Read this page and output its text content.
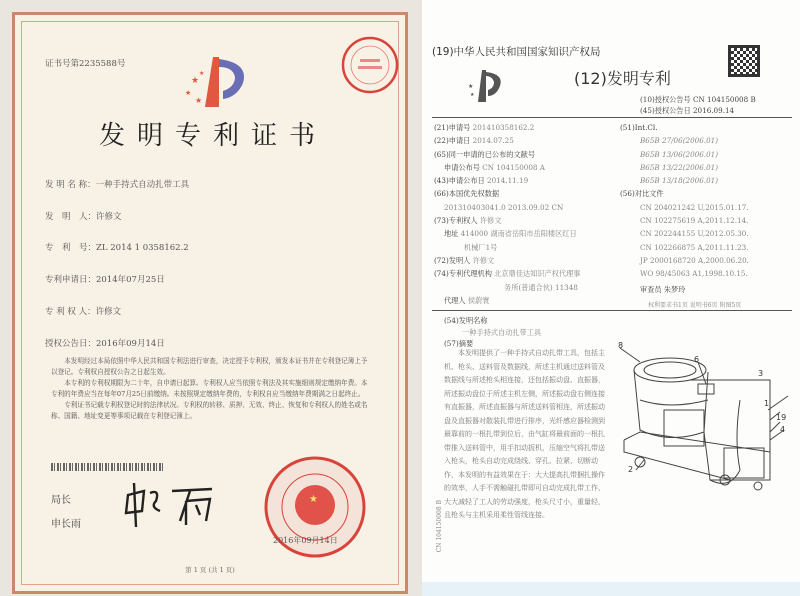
证书号第2235588号
★
★
★
★
发明专利证书
发 明 名 称：一种手持式自动扎带工具
发　明　人：许修文
专　利　号：ZL 2014 1 0358162.2
专利申请日：2014年07月25日
专 利 权 人：许修文
授权公告日：2016年09月14日

本发明经过本局依照中华人民共和国专利法进行审查，决定授予专利权，颁发本证书并在专利登记簿上予以登记。专利权自授权公告之日起生效。

本专利的专利权期限为二十年，自申请日起算。专利权人应当依照专利法及其实施细则规定缴纳年费。本专利的年费应当在每年07月25日前缴纳。未按照规定缴纳年费的，专利权自应当缴纳年费期满之日起终止。

专利证书记载专利权登记时的法律状况。专利权的转移、质押、无效、终止、恢复和专利权人的姓名或名称、国籍、地址变更等事项记载在专利登记簿上。

局长
申长雨
★
2016年09月14日
第 1 页 (共 1 页)
(19)中华人民共和国国家知识产权局
★
★
(12)发明专利
(10)授权公告号 CN 104150008 B
(45)授权公告日 2016.09.14
(21)申请号 201410358162.2
(22)申请日 2014.07.25
(65)同一申请的已公布的文献号
申请公布号 CN 104150008 A
(43)申请公布日 2014.11.19
(66)本国优先权数据
201310403041.0 2013.09.02 CN
(73)专利权人 许修文
地址 414000 湖南省岳阳市岳阳楼区红日
机械厂1号
(72)发明人 许修文
(74)专利代理机构 北京鼎佳达知识产权代理事
务所(普通合伙) 11348
代理人 侯蔚寰
(51)Int.Cl.
B65B 27/06(2006.01)
B65B 13/06(2006.01)
B65B 13/22(2006.01)
B65B 13/18(2006.01)
(56)对比文件
CN 204021242 U,2015.01.17.
CN 102275619 A,2011.12.14.
CN 202244155 U,2012.05.30.
CN 102266875 A,2011.11.23.
JP 2000168720 A,2000.06.20.
WO 98/45063 A1,1998.10.15.
审查员 朱梦玲
权利要求书1页 说明书6页 附图5页
(54)发明名称
一种手持式自动扎带工具
(57)摘要

本发明提供了一种手持式自动扎带工具，包括主机、枪头、送料管及数据线，所述主机通过送料管及数据线与所述枪头相连接，还包括振动盘、直振器，所述振动盘位于所述主机左侧，所述振动盘右侧连接有直振器，所述直振器与所述送料管相连，所述振动盘及直振器对散装扎带进行排序，光纤感应器检测到最靠前的一根扎带到位后，由气缸将最前面的一根扎带推入送料管中，用手扣动扳机，压缩空气将扎带送入枪头，枪头自动完成绕线、穿孔、拉紧、切断动作，本发明的有益效果在于：大大提高扎带捆扎操作的效率，人手不需触碰扎带即可自动完成扎带工作，大大减轻了工人的劳动强度，枪头尺寸小，重量轻，且枪头与主机采用柔性管线连接。

8
6
3
1
19
4
2
CN 104150008 B
